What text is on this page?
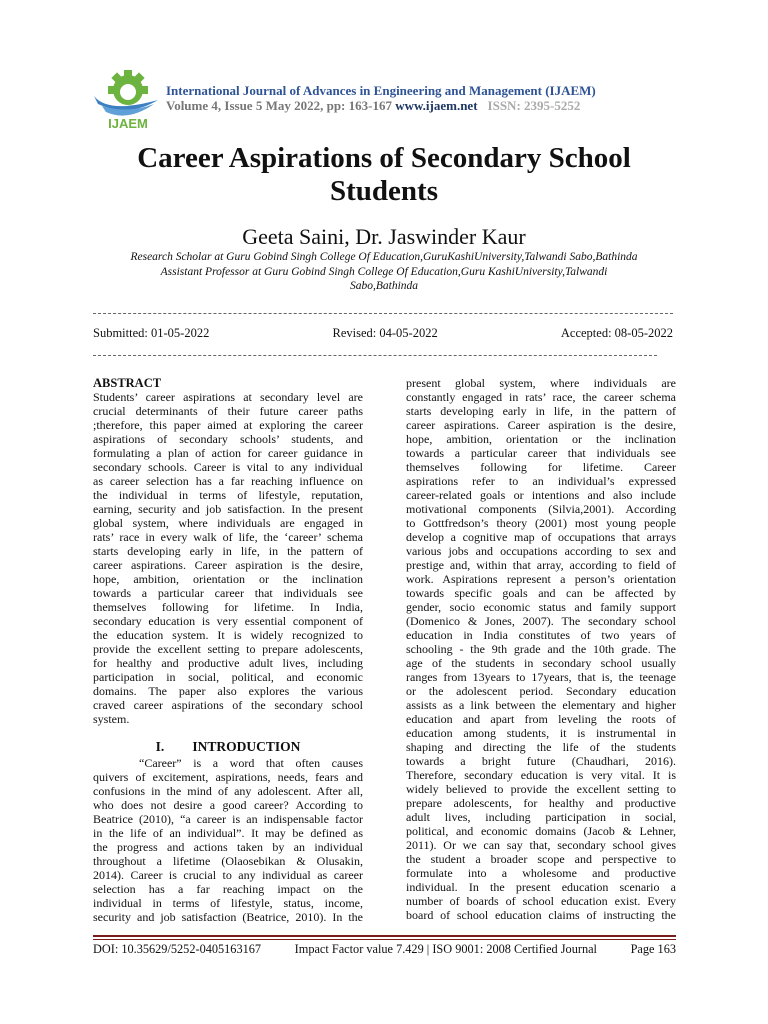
IJAEM
International Journal of Advances in Engineering and Management (IJAEM)
Volume 4, Issue 5 May 2022, pp: 163-167 www.ijaem.net ISSN: 2395-5252
Career Aspirations of Secondary School
Students
Geeta Saini, Dr. Jaswinder Kaur
Research Scholar at Guru Gobind Singh College Of Education,GuruKashiUniversity,Talwandi Sabo,Bathinda
Assistant Professor at Guru Gobind Singh College Of Education,Guru KashiUniversity,Talwandi
Sabo,Bathinda
Submitted: 01-05-2022	Revised: 04-05-2022	Accepted: 08-05-2022
ABSTRACT
Students’ career aspirations at secondary level are
crucial determinants of their future career paths
;therefore, this paper aimed at exploring the career
aspirations of secondary schools’ students, and
formulating a plan of action for career guidance in
secondary schools. Career is vital to any individual
as career selection has a far reaching influence on
the individual in terms of lifestyle, reputation,
earning, security and job satisfaction. In the present
global system, where individuals are engaged in
rats’ race in every walk of life, the ‘career’ schema
starts developing early in life, in the pattern of
career aspirations. Career aspiration is the desire,
hope, ambition, orientation or the inclination
towards a particular career that individuals see
themselves following for lifetime. In India,
secondary education is very essential component of
the education system. It is widely recognized to
provide the excellent setting to prepare adolescents,
for healthy and productive adult lives, including
participation in social, political, and economic
domains. The paper also explores the various
craved career aspirations of the secondary school
system.
I. INTRODUCTION
“Career” is a word that often causes
quivers of excitement, aspirations, needs, fears and
confusions in the mind of any adolescent. After all,
who does not desire a good career? According to
Beatrice (2010), “a career is an indispensable factor
in the life of an individual”. It may be defined as
the progress and actions taken by an individual
throughout a lifetime (Olaosebikan & Olusakin,
2014). Career is crucial to any individual as career
selection has a far reaching impact on the
individual in terms of lifestyle, status, income,
security and job satisfaction (Beatrice, 2010). In the
present global system, where individuals are
constantly engaged in rats’ race, the career schema
starts developing early in life, in the pattern of
career aspirations. Career aspiration is the desire,
hope, ambition, orientation or the inclination
towards a particular career that individuals see
themselves following for lifetime. Career
aspirations refer to an individual’s expressed
career-related goals or intentions and also include
motivational components (Silvia,2001). According
to Gottfredson’s theory (2001) most young people
develop a cognitive map of occupations that arrays
various jobs and occupations according to sex and
prestige and, within that array, according to field of
work. Aspirations represent a person’s orientation
towards specific goals and can be affected by
gender, socio economic status and family support
(Domenico & Jones, 2007). The secondary school
education in India constitutes of two years of
schooling - the 9th grade and the 10th grade. The
age of the students in secondary school usually
ranges from 13years to 17years, that is, the teenage
or the adolescent period. Secondary education
assists as a link between the elementary and higher
education and apart from leveling the roots of
education among students, it is instrumental in
shaping and directing the life of the students
towards a bright future (Chaudhari, 2016).
Therefore, secondary education is very vital. It is
widely believed to provide the excellent setting to
prepare adolescents, for healthy and productive
adult lives, including participation in social,
political, and economic domains (Jacob & Lehner,
2011). Or we can say that, secondary school gives
the student a broader scope and perspective to
formulate into a wholesome and productive
individual. In the present education scenario a
number of boards of school education exist. Every
board of school education claims of instructing the
DOI: 10.35629/5252-0405163167	Impact Factor value 7.429 | ISO 9001: 2008 Certified Journal	Page 163
